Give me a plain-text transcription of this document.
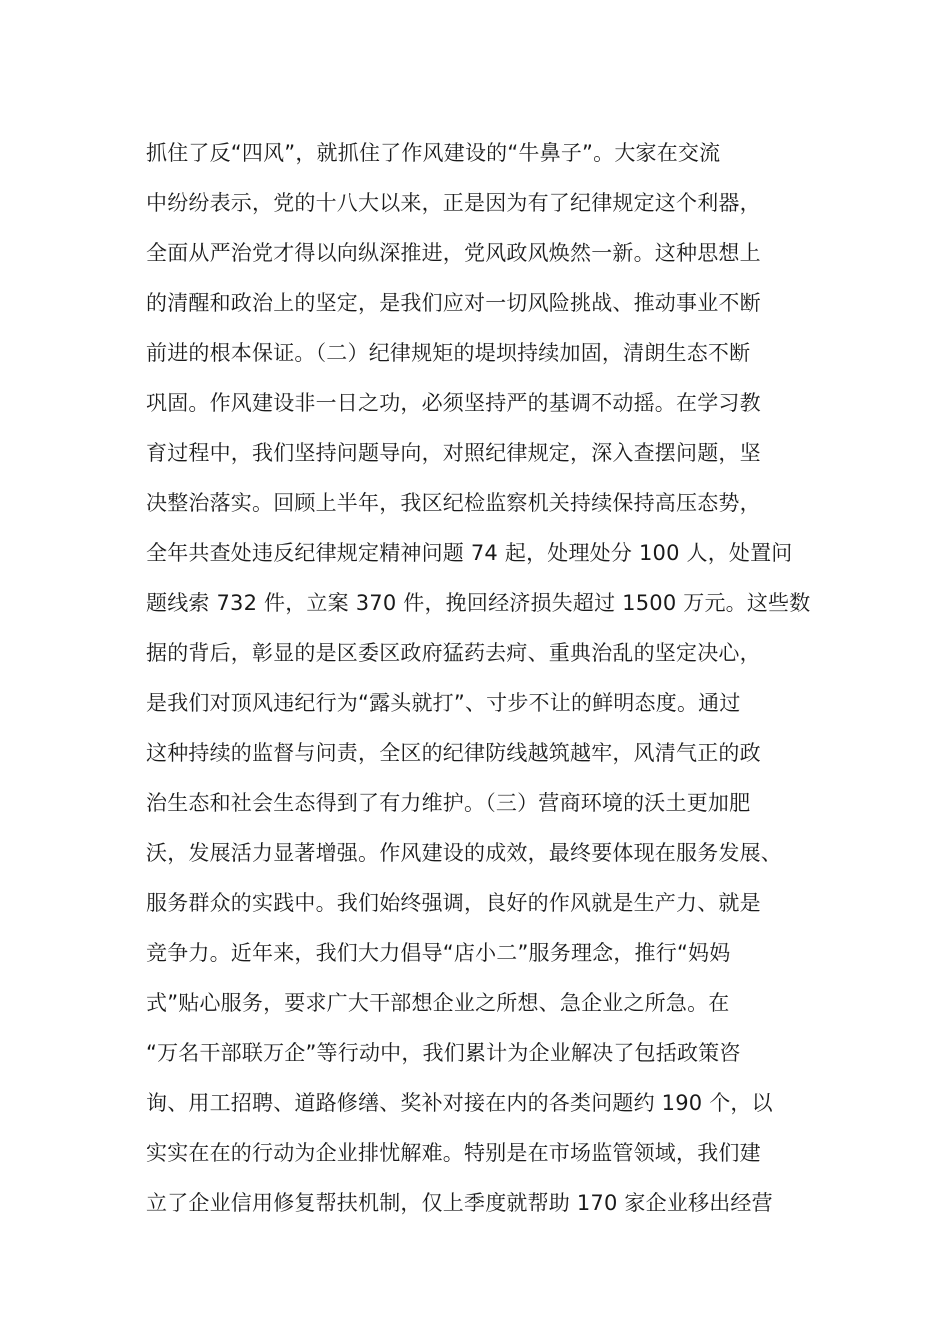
抓住了反“四风”，就抓住了作风建设的“牛鼻子”。大家在交流
中纷纷表示，党的十八大以来，正是因为有了纪律规定这个利器，
全面从严治党才得以向纵深推进，党风政风焕然一新。这种思想上
的清醒和政治上的坚定，是我们应对一切风险挑战、推动事业不断
前进的根本保证。（二）纪律规矩的堤坝持续加固，清朗生态不断
巩固。作风建设非一日之功，必须坚持严的基调不动摇。在学习教
育过程中，我们坚持问题导向，对照纪律规定，深入查摆问题，坚
决整治落实。回顾上半年，我区纪检监察机关持续保持高压态势，
全年共查处违反纪律规定精神问题 74 起，处理处分 100 人，处置问
题线索 732 件，立案 370 件，挽回经济损失超过 1500 万元。这些数
据的背后，彰显的是区委区政府猛药去疴、重典治乱的坚定决心，
是我们对顶风违纪行为“露头就打”、寸步不让的鲜明态度。通过
这种持续的监督与问责，全区的纪律防线越筑越牢，风清气正的政
治生态和社会生态得到了有力维护。（三）营商环境的沃土更加肥
沃，发展活力显著增强。作风建设的成效，最终要体现在服务发展、
服务群众的实践中。我们始终强调，良好的作风就是生产力、就是
竞争力。近年来，我们大力倡导“店小二”服务理念，推行“妈妈
式”贴心服务，要求广大干部想企业之所想、急企业之所急。在
“万名干部联万企”等行动中，我们累计为企业解决了包括政策咨
询、用工招聘、道路修缮、奖补对接在内的各类问题约 190 个，以
实实在在的行动为企业排忧解难。特别是在市场监管领域，我们建
立了企业信用修复帮扶机制，仅上季度就帮助 170 家企业移出经营
